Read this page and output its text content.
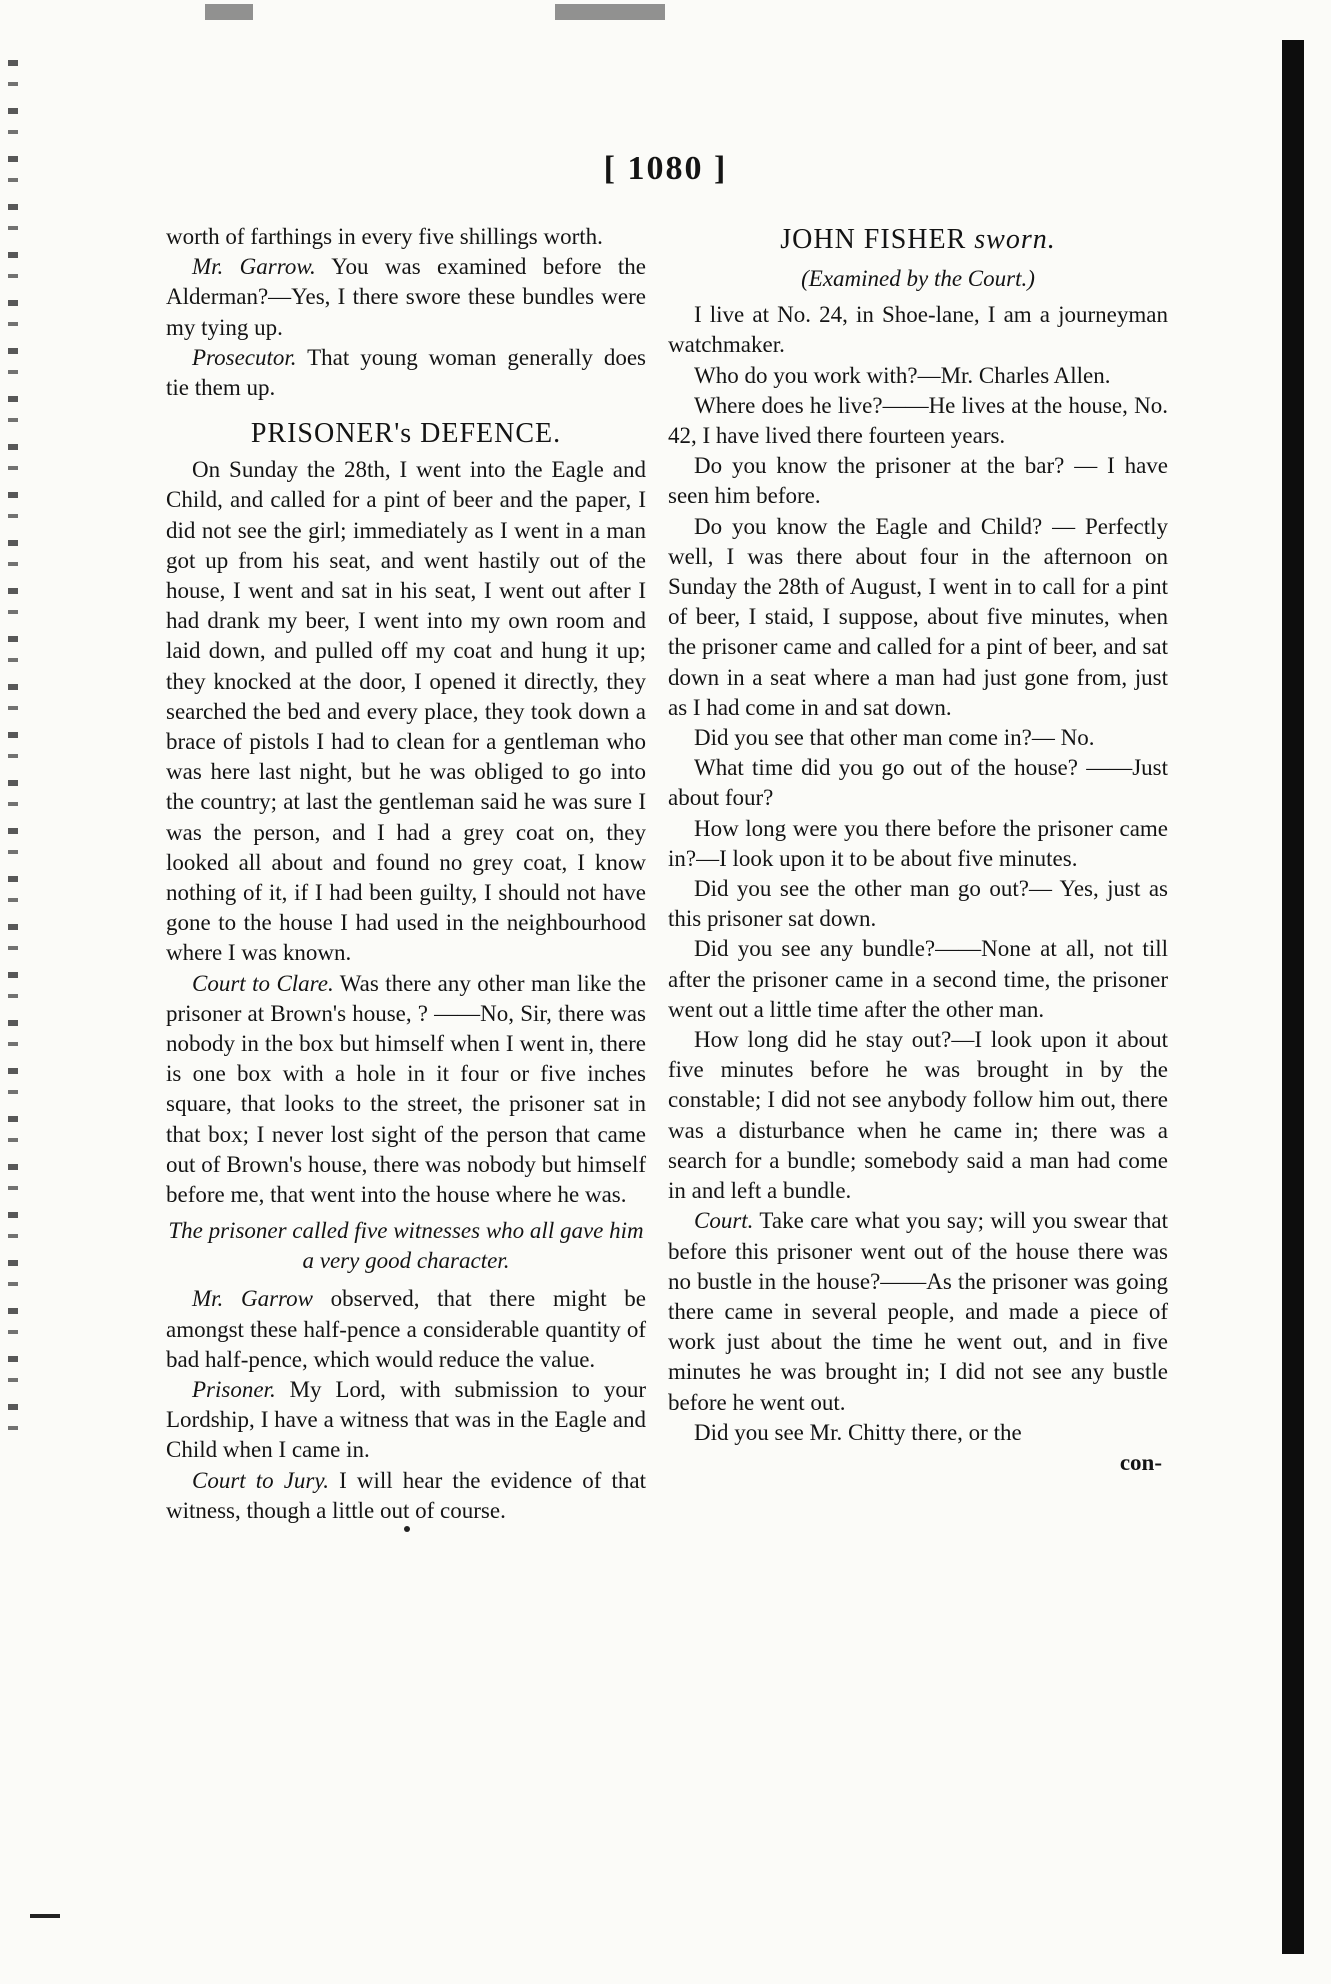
[ 1080 ]

worth of farthings in every five shillings worth.

Mr. Garrow. You was examined before the Alderman?—Yes, I there swore these bundles were my tying up.

Prosecutor. That young woman generally does tie them up.

PRISONER's DEFENCE.

On Sunday the 28th, I went into the Eagle and Child, and called for a pint of beer and the paper, I did not see the girl; immediately as I went in a man got up from his seat, and went hastily out of the house, I went and sat in his seat, I went out after I had drank my beer, I went into my own room and laid down, and pulled off my coat and hung it up; they knocked at the door, I opened it directly, they searched the bed and every place, they took down a brace of pistols I had to clean for a gentleman who was here last night, but he was obliged to go into the country; at last the gentleman said he was sure I was the person, and I had a grey coat on, they looked all about and found no grey coat, I know nothing of it, if I had been guilty, I should not have gone to the house I had used in the neighbourhood where I was known.

Court to Clare. Was there any other man like the prisoner at Brown's house, ? ——No, Sir, there was nobody in the box but himself when I went in, there is one box with a hole in it four or five inches square, that looks to the street, the prisoner sat in that box; I never lost sight of the person that came out of Brown's house, there was nobody but himself before me, that went into the house where he was.

The prisoner called five witnesses who all gave him a very good character.

Mr. Garrow observed, that there might be amongst these half-pence a considerable quantity of bad half-pence, which would reduce the value.

Prisoner. My Lord, with submission to your Lordship, I have a witness that was in the Eagle and Child when I came in.

Court to Jury. I will hear the evidence of that witness, though a little out of course.

JOHN FISHER sworn.

(Examined by the Court.)

I live at No. 24, in Shoe-lane, I am a journeyman watchmaker.

Who do you work with?—Mr. Charles Allen.

Where does he live?——He lives at the house, No. 42, I have lived there fourteen years.

Do you know the prisoner at the bar? — I have seen him before.

Do you know the Eagle and Child? — Perfectly well, I was there about four in the afternoon on Sunday the 28th of August, I went in to call for a pint of beer, I staid, I suppose, about five minutes, when the prisoner came and called for a pint of beer, and sat down in a seat where a man had just gone from, just as I had come in and sat down.

Did you see that other man come in?— No.

What time did you go out of the house? ——Just about four?

How long were you there before the prisoner came in?—I look upon it to be about five minutes.

Did you see the other man go out?— Yes, just as this prisoner sat down.

Did you see any bundle?——None at all, not till after the prisoner came in a second time, the prisoner went out a little time after the other man.

How long did he stay out?—I look upon it about five minutes before he was brought in by the constable; I did not see anybody follow him out, there was a disturbance when he came in; there was a search for a bundle; somebody said a man had come in and left a bundle.

Court. Take care what you say; will you swear that before this prisoner went out of the house there was no bustle in the house?——As the prisoner was going there came in several people, and made a piece of work just about the time he went out, and in five minutes he was brought in; I did not see any bustle before he went out.

Did you see Mr. Chitty there, or the

con-
